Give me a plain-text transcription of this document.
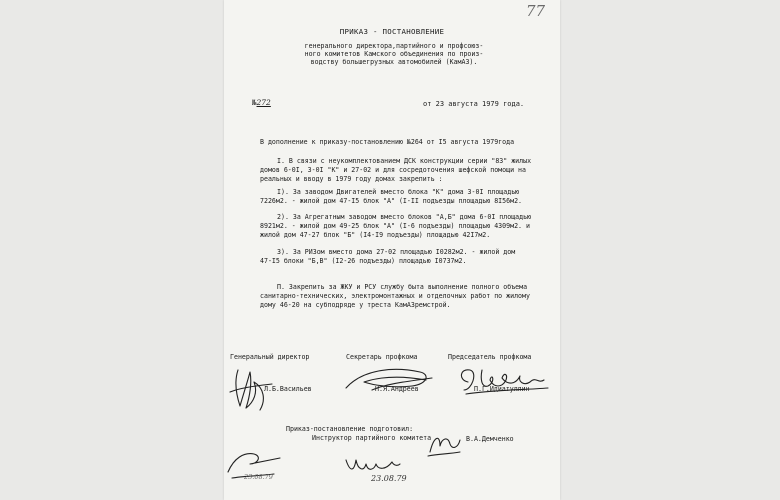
77
ПРИКАЗ - ПОСТАНОВЛЕНИЕ
генерального директора,партийного и профсоюз-
ного комитетов Камского объединения по произ-
водству большегрузных автомобилей (КамАЗ).
№272	от 23 августа 1979 года.
В дополнение к приказу-постановлению №264 от I5 августа 1979года
I. В связи с неукомплектованием ДСК конструкции серии "83" жилых
домов 6-0I, 3-0I "К" и 27-02 и для сосредоточения шефской помощи на
реальных и вводу в 1979 году домах закрепить :
I). За заводом Двигателей вместо блока "К" дома 3-0I площадью
7226м2. - жилой дом 47-I5 блок "А" (I-II подъезды площадью 8I56м2.
2). За Агрегатным заводом вместо блоков "А,Б" дома 6-0I площадью
8921м2. - жилой дом 49-25 блок "А" (I-6 подъезды) площадью 4309м2. и
жилой дом 47-27 блок "Б" (I4-I9 подъезды) площадью 42I7м2.
3). За РИЗом вместо дома 27-02 площадью I0282м2. - жилой дом
47-I5 блоки "Б,В" (I2-26 подъезды) площадью I0737м2.
П. Закрепить за ЖКУ и РСУ службу быта выполнение полного объема
санитарно-технических, электромонтажных и отделочных работ по жилому
дому 46-20 на субподряде у треста КамАЗремстрой.
Генеральный директор	Секретарь профкома	Председатель профкома
Л.Б.Васильев	Н.Я.Андреев	П.Г.Идиатуллин
Приказ-постановление подготовил:
Инструктор партийного комитета	В.А.Демченко
23.08.79	23.08.79
